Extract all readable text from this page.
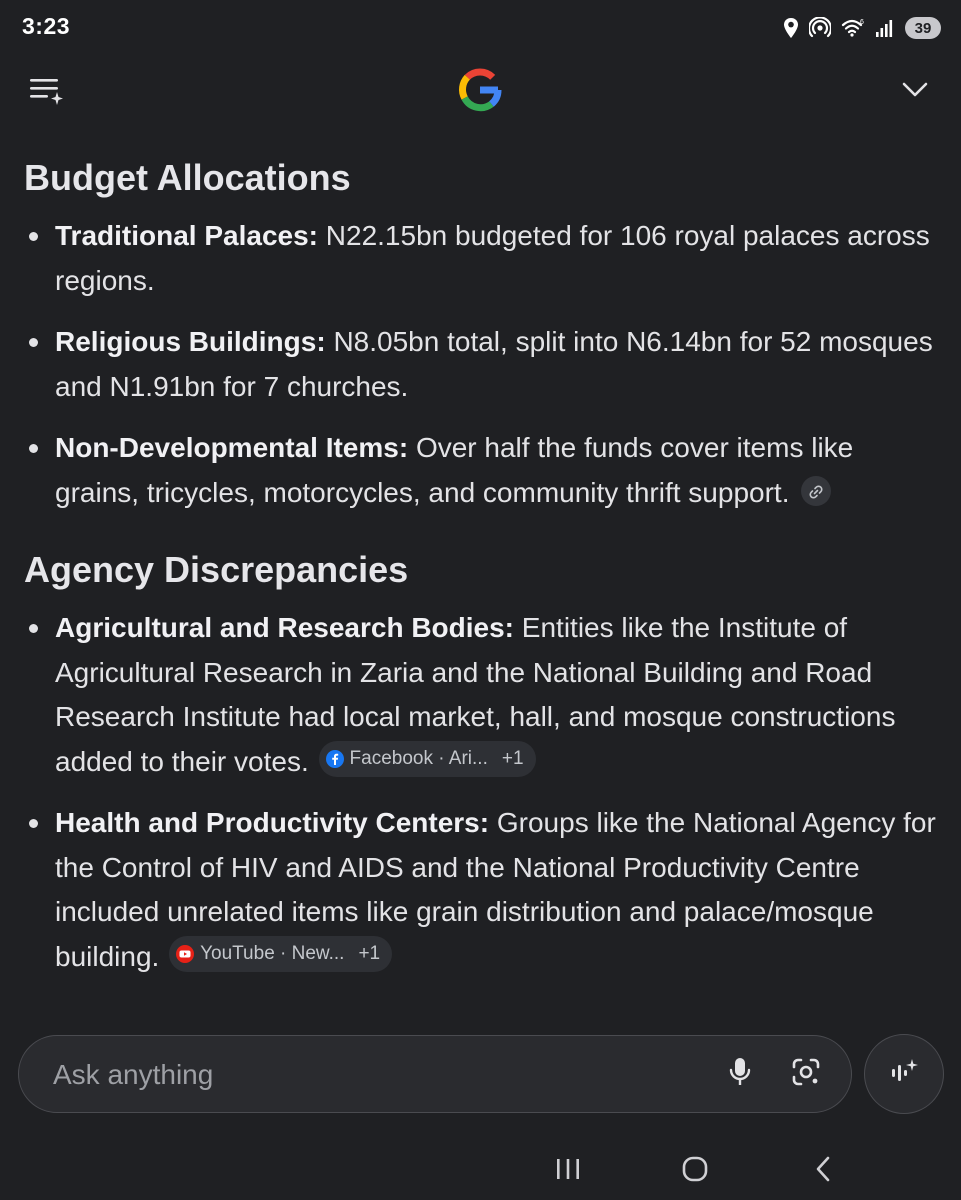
3:23	6	39
Budget Allocations
Traditional Palaces: N22.15bn budgeted for 106 royal palaces across regions.
Religious Buildings: N8.05bn total, split into N6.14bn for 52 mosques and N1.91bn for 7 churches.
Non-Developmental Items: Over half the funds cover items like grains, tricycles, motorcycles, and community thrift support.
Agency Discrepancies
Agricultural and Research Bodies: Entities like the Institute of Agricultural Research in Zaria and the National Building and Road Research Institute had local market, hall, and mosque constructions added to their votes. Facebook · Ari... +1
Health and Productivity Centers: Groups like the National Agency for the Control of HIV and AIDS and the National Productivity Centre included unrelated items like grain distribution and palace/mosque building. YouTube · New... +1
Ask anything
